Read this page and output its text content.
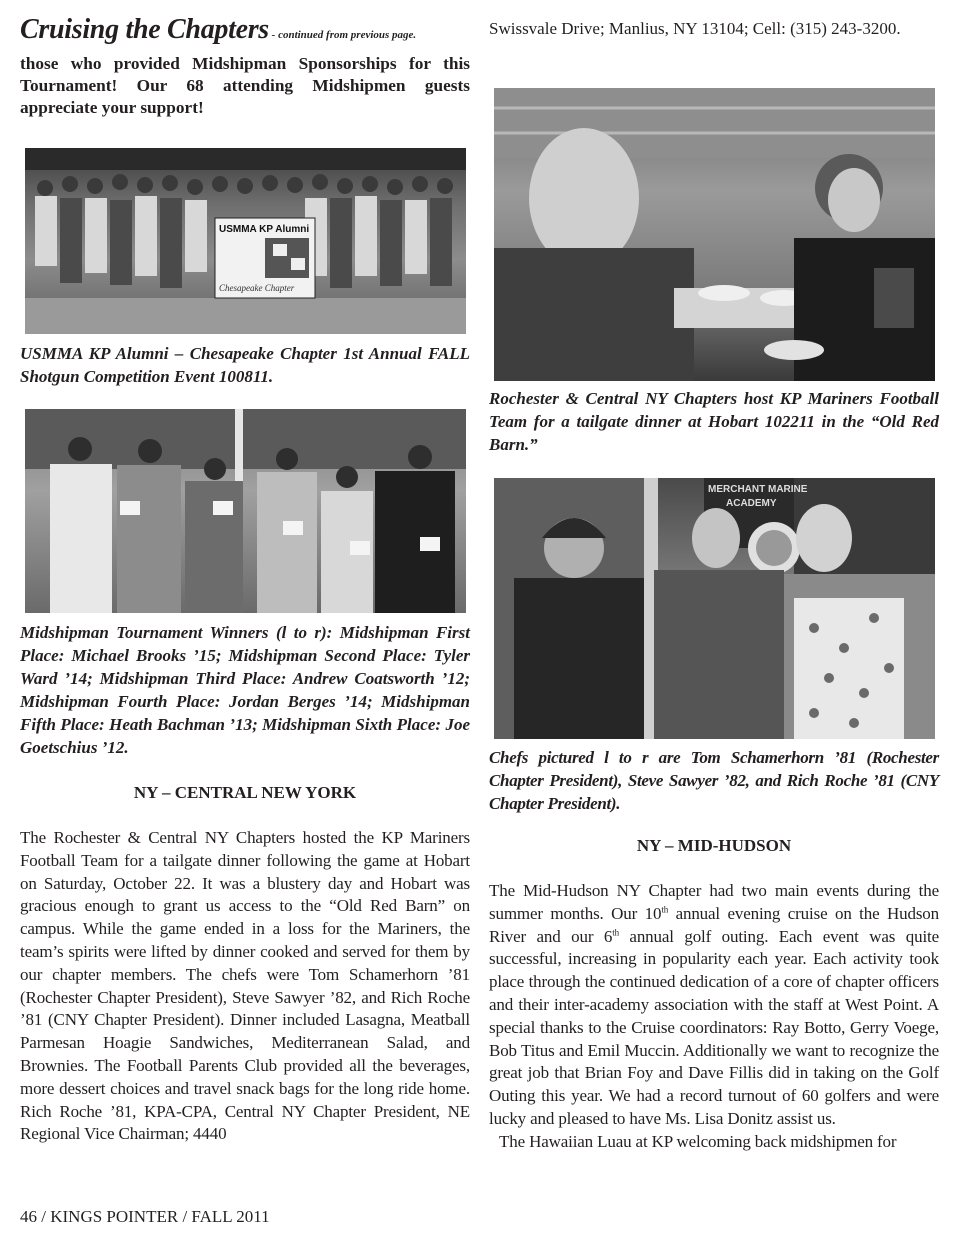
Cruising the Chapters - continued from previous page.
those who provided Midshipman Sponsorships for this Tournament! Our 68 attending Midshipmen guests appreciate your support!
USMMA KP Alumni
Chesapeake Chapter
USMMA KP Alumni – Chesapeake Chapter 1st Annual FALL Shotgun Competition Event 100811.
Midshipman Tournament Winners (l to r): Midshipman First Place: Michael Brooks ’15; Midshipman Second Place: Tyler Ward ’14; Midshipman Third Place: Andrew Coatsworth ’12; Midshipman Fourth Place: Jordan Berges ’14; Midshipman Fifth Place: Heath Bachman ’13; Midshipman Sixth Place: Joe Goetschius ’12.
NY – CENTRAL NEW YORK
The Rochester & Central NY Chapters hosted the KP Mariners Football Team for a tailgate dinner following the game at Hobart on Saturday, October 22. It was a blustery day and Hobart was gracious enough to grant us access to the “Old Red Barn” on campus. While the game ended in a loss for the Mariners, the team’s spirits were lifted by dinner cooked and served for them by our chapter members. The chefs were Tom Schamerhorn ’81 (Rochester Chapter President), Steve Sawyer ’82, and Rich Roche ’81 (CNY Chapter President). Dinner included Lasagna, Meatball Parmesan Hoagie Sandwiches, Mediterranean Salad, and Brownies. The Football Parents Club provided all the beverages, more dessert choices and travel snack bags for the long ride home. Rich Roche ’81, KPA-CPA, Central NY Chapter President, NE Regional Vice Chairman; 4440
Swissvale Drive; Manlius, NY 13104; Cell: (315) 243-3200.
Rochester & Central NY Chapters host KP Mariners Football Team for a tailgate dinner at Hobart 102211 in the “Old Red Barn.”
MERCHANT MARINE
ACADEMY
Chefs pictured l to r are Tom Schamerhorn ’81 (Rochester Chapter President), Steve Sawyer ’82, and Rich Roche ’81 (CNY Chapter President).
NY – MID-HUDSON
The Mid-Hudson NY Chapter had two main events during the summer months. Our 10th annual evening cruise on the Hudson River and our 6th annual golf outing. Each event was quite successful, increasing in popularity each year. Each activity took place through the continued dedication of a core of chapter officers and their inter-academy association with the staff at West Point. A special thanks to the Cruise coordinators: Ray Botto, Gerry Voege, Bob Titus and Emil Muccin. Additionally we want to recognize the great job that Brian Foy and Dave Fillis did in taking on the Golf Outing this year. We had a record turnout of 60 golfers and were lucky and pleased to have Ms. Lisa Donitz assist us.
The Hawaiian Luau at KP welcoming back midshipmen for
46 / KINGS POINTER / FALL 2011
